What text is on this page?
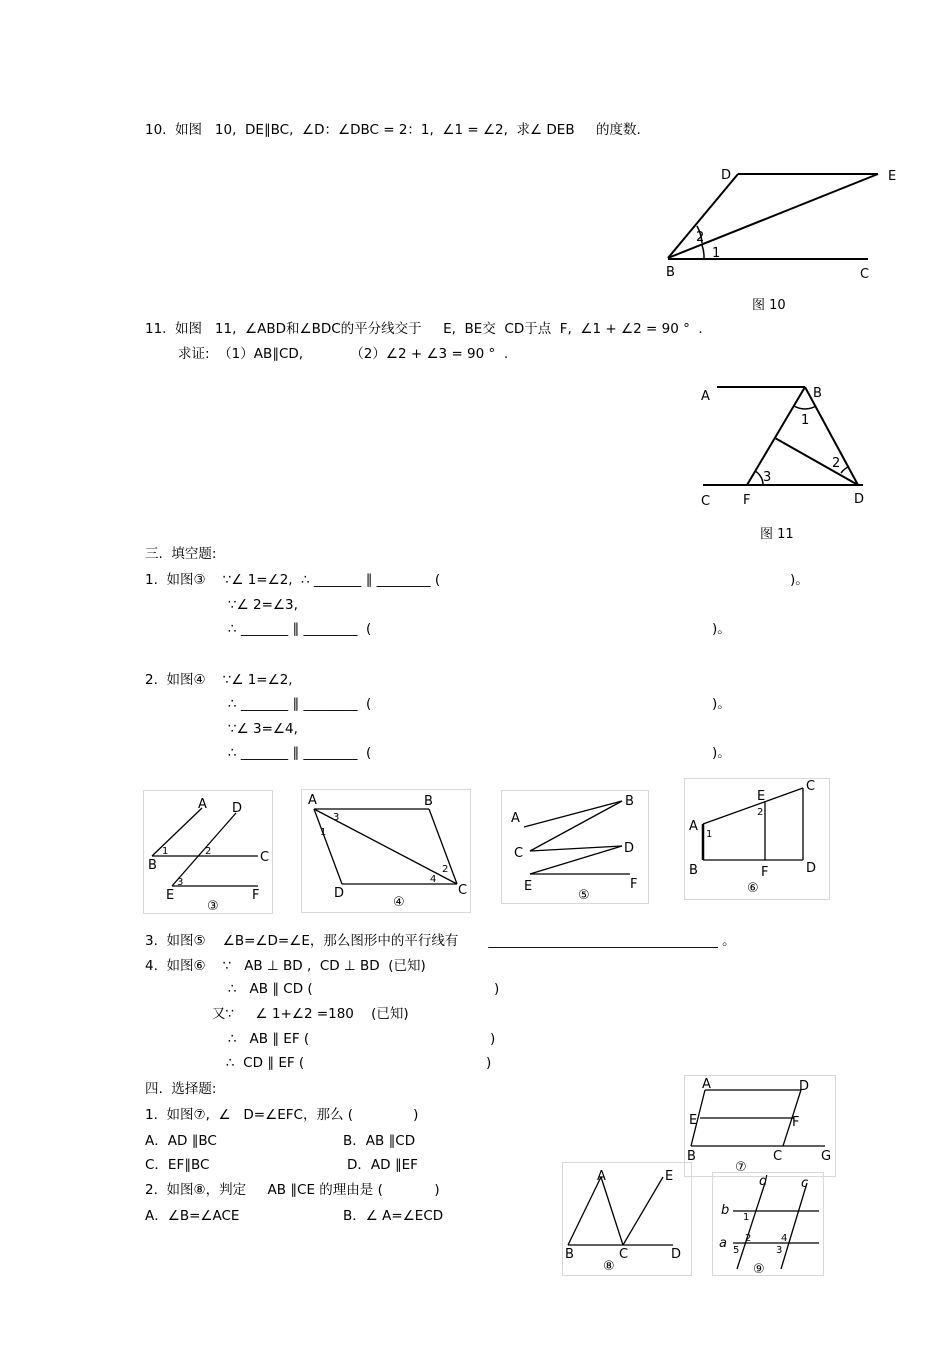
10.  如图   10,  DE∥BC,  ∠D：∠DBC = 2：1,  ∠1 = ∠2,  求∠ DEB     的度数.
D	E
B	C
2
1
图 10
11.  如图   11,  ∠ABD和∠BDC的平分线交于     E,  BE交  CD于点  F,  ∠1 + ∠2 = 90 °  .
求证:  （1）AB∥CD,           （2）∠2 + ∠3 = 90 °  .
A	B
C	F	D
1
2
3
图 11
三.  填空题:
1.  如图③    ∵∠ 1=∠2,  ∴ _______ ∥ ________ (	)。
∵∠ 2=∠3,
∴ _______ ∥ ________  (	)。
2.  如图④    ∵∠ 1=∠2,
∴ _______ ∥ ________  (	)。
∵∠ 3=∠4,
∴ _______ ∥ ________  (	)。
A D
B
C
E	F
1	2
3
③
A	B
C
D
1
2
3
4
④
A
B
C	D
E	F
⑤
A
B
C
D
E
F
1
2
⑥
3.  如图⑤    ∠B=∠D=∠E，那么图形中的平行线有       __________________________________ 。
4.  如图⑥    ∵   AB ⊥ BD ,  CD ⊥ BD  (已知)
∴   AB ∥ CD (	)
又∵     ∠ 1+∠2 =180    (已知)
∴   AB ∥ EF (	)
∴  CD ∥ EF (	)
四.  选择题:
1.  如图⑦,  ∠   D=∠EFC，那么 (              )
A．AD ∥BC	B．AB ∥CD
C．EF∥BC	D．AD ∥EF
2.  如图⑧，判定     AB ∥CE 的理由是 (            )
A．∠B=∠ACE	B．∠ A=∠ECD
A	D
E	F
B	C	G
⑦
A	E
B	C	D
⑧
d	c
b
a
1
2
3
4
5
⑨
